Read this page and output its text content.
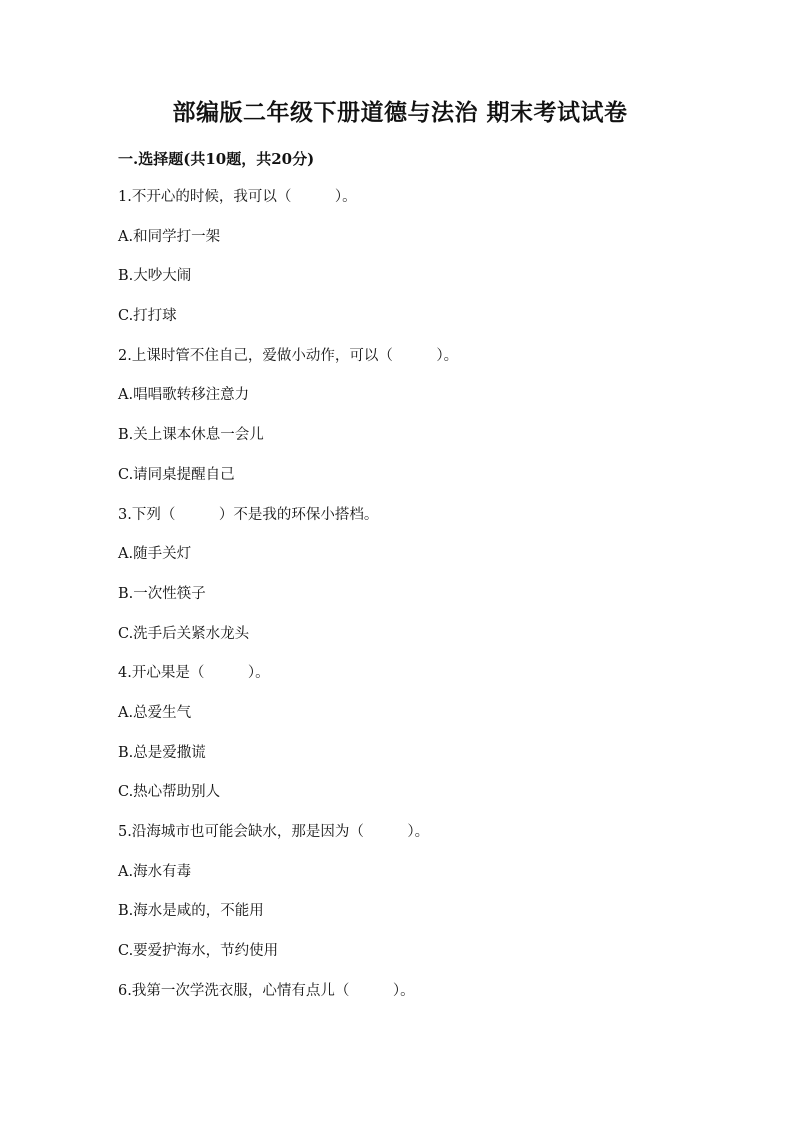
部编版二年级下册道德与法治 期末考试试卷
一.选择题(共10题，共20分)
1.不开心的时候，我可以（　　　）。
A.和同学打一架
B.大吵大闹
C.打打球
2.上课时管不住自己，爱做小动作，可以（　　　）。
A.唱唱歌转移注意力
B.关上课本休息一会儿
C.请同桌提醒自己
3.下列（　　　）不是我的环保小搭档。
A.随手关灯
B.一次性筷子
C.洗手后关紧水龙头
4.开心果是（　　　）。
A.总爱生气
B.总是爱撒谎
C.热心帮助别人
5.沿海城市也可能会缺水，那是因为（　　　）。
A.海水有毒
B.海水是咸的，不能用
C.要爱护海水，节约使用
6.我第一次学洗衣服，心情有点儿（　　　）。
